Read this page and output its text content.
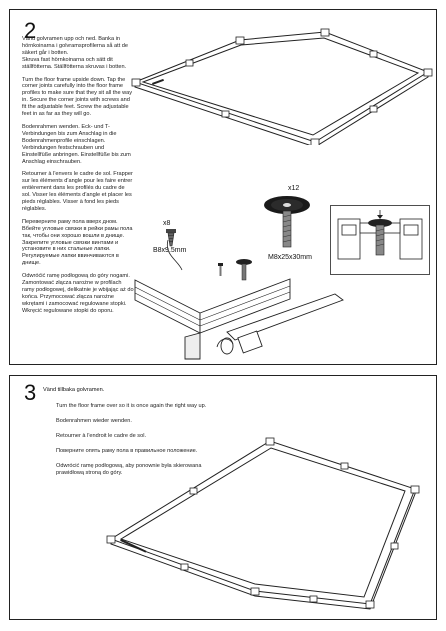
2

Vänd golvramen upp och ned. Banka in hörnkoinarna i golvramsprofilerna så att de säkert går i botten.
Skruva fast hörnkoinarna och sätt dit ställfötterna. Ställfötterna skruvas i botten.

Turn the floor frame upside down. Tap the corner joints carefully into the floor frame profiles to make sure that they sit all the way in. Secure the corner joints with screws and fit the adjustable feet. Screw the adjustable feet in as far as they will go.

Bodenrahmen wenden. Eck- und T-Verbindungen bis zum Anschlag in die Bodenrahmenprofile einschlagen. Verbindungen festschrauben und Einstellfüße anbringen. Einstellfüße bis zum Anschlag einschrauben.

Retourner à l'envers le cadre de sol. Frapper sur les éléments d'angle pour les faire entrer entièrement dans les profilés du cadre de sol. Visser les éléments d'angle et placer les pieds réglables. Visser à fond les pieds réglables.

Переверните раму пола вверх дном. Вбейте угловые связки в рейки рамы пола так, чтобы они хорошо вошли в днище. Закрепите угловые связки винтами и установите в них стальные лапки. Регулируемые лапки ввинчиваются в днище.

Odwróćić ramę podłogową do góry nogami. Zamontować złącza narożne w profilach ramy podłogowej, delikatnie je wbijając aż do końca. Przymocować złącza narożne wkrętami i zamocować regulowane stopki. Wkręcić regulowane stopki do oporu.

x8
B8x9.5mm
x12
M8x25x30mm
3 Vänd tillbaka golvramen.

Turn the floor frame over so it is once again the right way up.

Bodenrahmen wieder wenden.

Retourner à l'endroit le cadre de sol.

Поверните опять раму пола в правильное положение.

Odwrócić ramę podłogową, aby ponownie była skierowana prawidłową stroną do góry.
